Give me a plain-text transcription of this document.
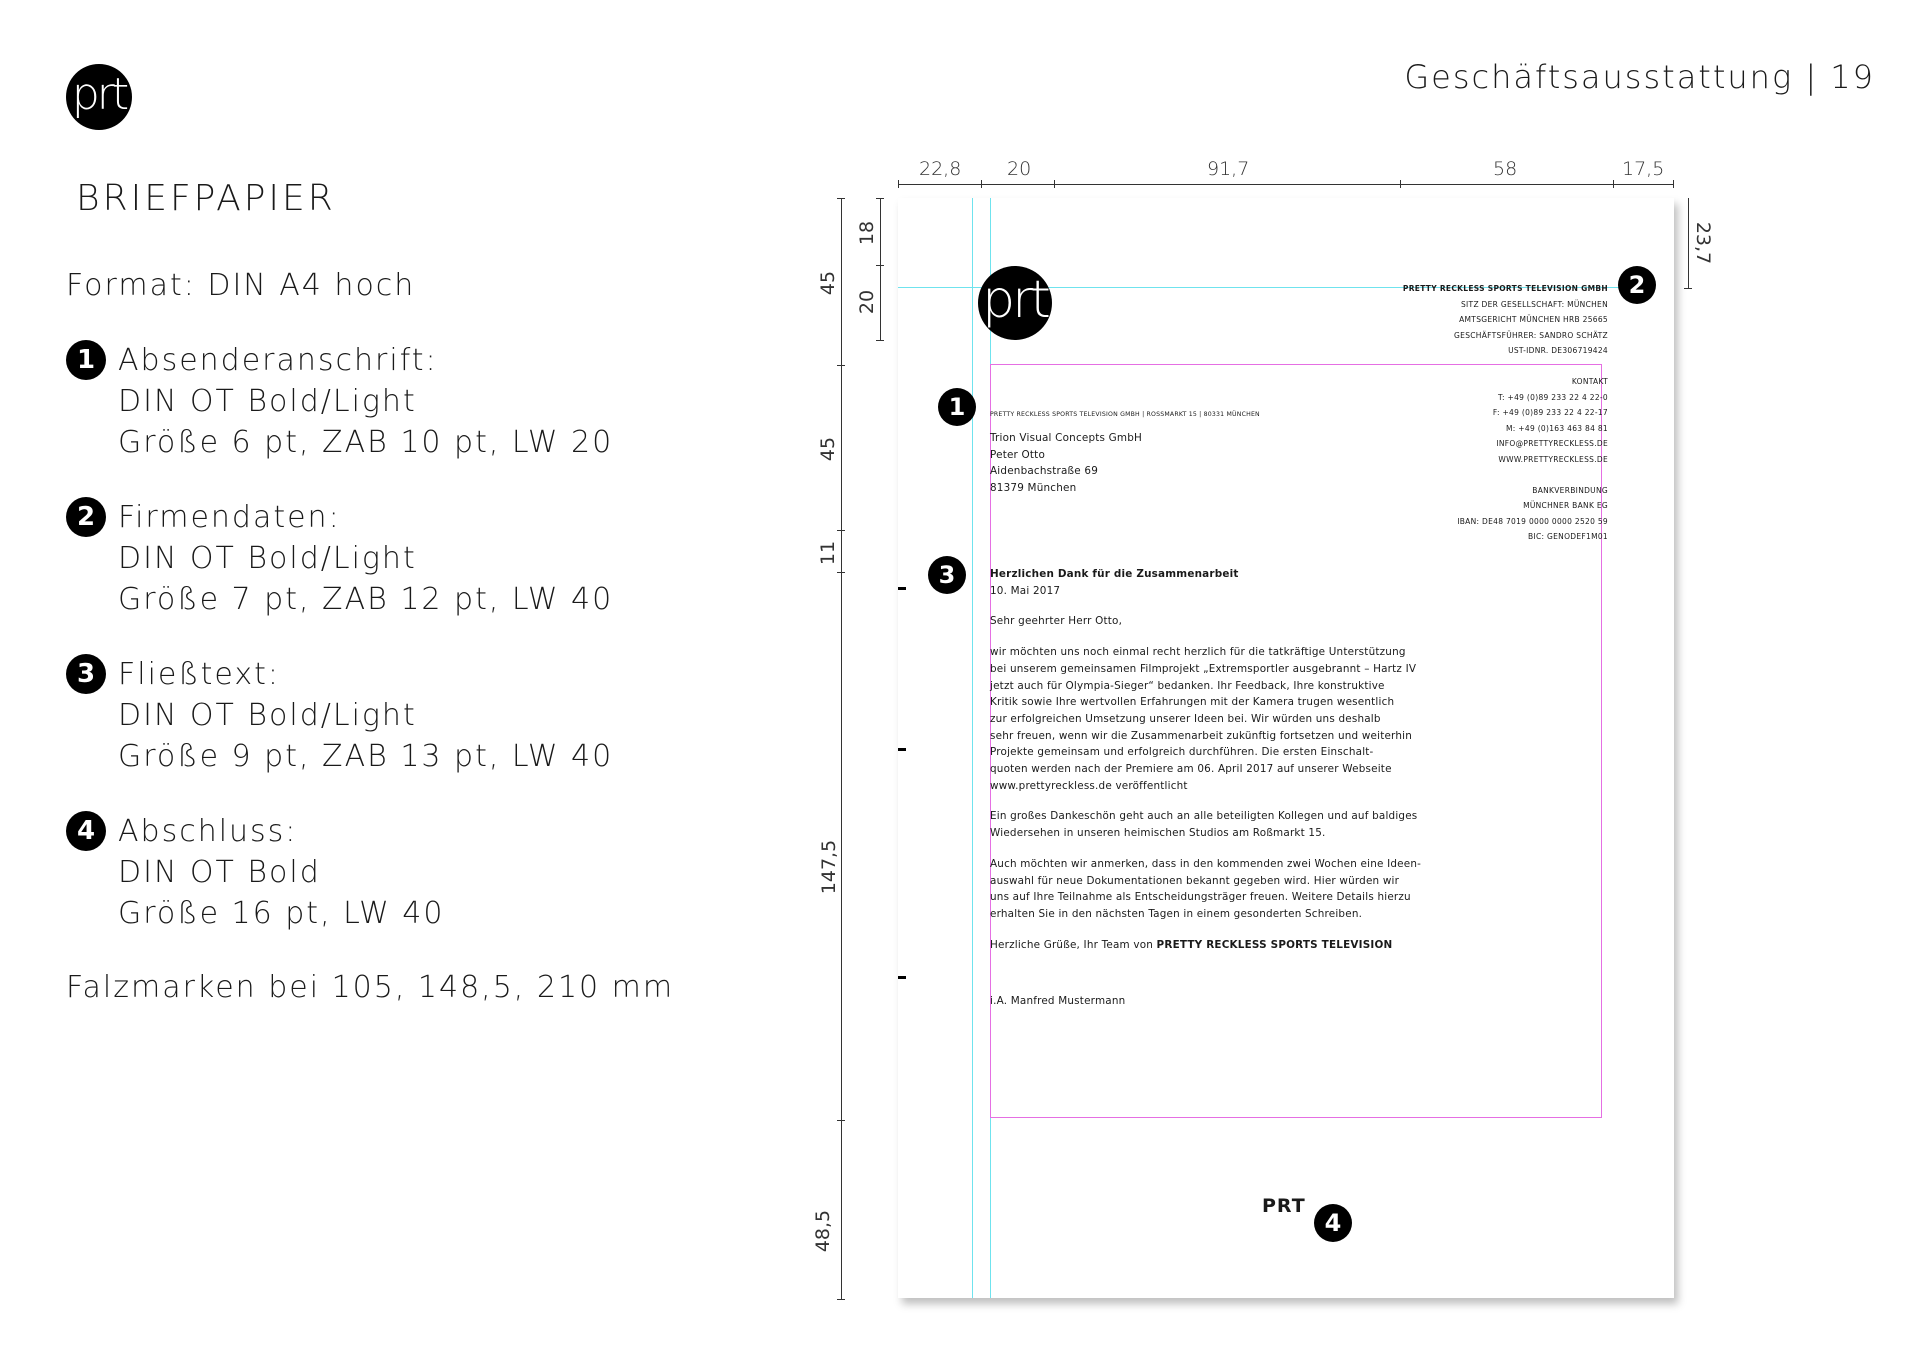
prt	Geschäftsausstattung | 19
BRIEFPAPIER
Format: DIN A4 hoch
1 Absenderanschrift:
DIN OT Bold/Light
Größe 6 pt, ZAB 10 pt, LW 20
2 Firmendaten:
DIN OT Bold/Light
Größe 7 pt, ZAB 12 pt, LW 40
3 Fließtext:
DIN OT Bold/Light
Größe 9 pt, ZAB 13 pt, LW 40
4 Abschluss:
DIN OT Bold
Größe 16 pt, LW 40
Falzmarken bei 105, 148,5, 210 mm
22,8 20	91,7	58	17,5
23,7
45
45
11
147,5
48,5
18
20 prt	PRETTY RECKLESS SPORTS TELEVISION GMBH
SITZ DER GESELLSCHAFT: MÜNCHEN
AMTSGERICHT MÜNCHEN HRB 25665
GESCHÄFTSFÜHRER: SANDRO SCHÄTZ
UST-IDNR. DE306719424
KONTAKT
T: +49 (0)89 233 22 4 22-0
F: +49 (0)89 233 22 4 22-17
M: +49 (0)163 463 84 81
INFO@PRETTYRECKLESS.DE
WWW.PRETTYRECKLESS.DE
BANKVERBINDUNG
MÜNCHNER BANK EG
IBAN: DE48 7019 0000 0000 2520 59
BIC: GENODEF1M01
PRETTY RECKLESS SPORTS TELEVISION GMBH | ROSSMARKT 15 | 80331 MÜNCHEN
Trion Visual Concepts GmbH
Peter Otto
Aidenbachstraße 69
81379 München
Herzlichen Dank für die Zusammenarbeit
10. Mai 2017

Sehr geehrter Herr Otto,

wir möchten uns noch einmal recht herzlich für die tatkräftige Unterstützung
bei unserem gemeinsamen Filmprojekt „Extremsportler ausgebrannt – Hartz IV
jetzt auch für Olympia-Sieger“ bedanken. Ihr Feedback, Ihre konstruktive
Kritik sowie Ihre wertvollen Erfahrungen mit der Kamera trugen wesentlich
zur erfolgreichen Umsetzung unserer Ideen bei. Wir würden uns deshalb
sehr freuen, wenn wir die Zusammenarbeit zukünftig fortsetzen und weiterhin
Projekte gemeinsam und erfolgreich durchführen. Die ersten Einschalt-
quoten werden nach der Premiere am 06. April 2017 auf unserer Webseite
www.prettyreckless.de veröffentlicht

Ein großes Dankeschön geht auch an alle beteiligten Kollegen und auf baldiges
Wiedersehen in unseren heimischen Studios am Roßmarkt 15.

Auch möchten wir anmerken, dass in den kommenden zwei Wochen eine Ideen-
auswahl für neue Dokumentationen bekannt gegeben wird. Hier würden wir
uns auf Ihre Teilnahme als Entscheidungsträger freuen. Weitere Details hierzu
erhalten Sie in den nächsten Tagen in einem gesonderten Schreiben.

Herzliche Grüße, Ihr Team von PRETTY RECKLESS SPORTS TELEVISION

i.A. Manfred Mustermann
PRT
1
2
3
4
